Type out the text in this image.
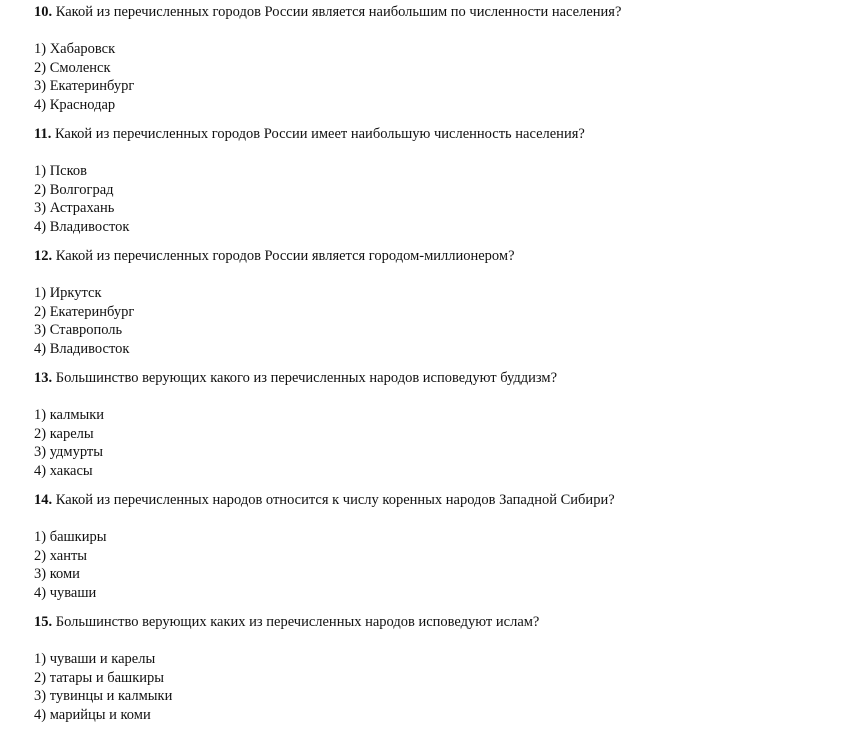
10. Какой из перечисленных городов России является наибольшим по численности населения?
1) Хабаровск
2) Смоленск
3) Екатеринбург
4) Краснодар
11. Какой из перечисленных городов России имеет наибольшую численность населения?
1) Псков
2) Волгоград
3) Астрахань
4) Владивосток
12. Какой из перечисленных городов России является городом-миллионером?
1) Иркутск
2) Екатеринбург
3) Ставрополь
4) Владивосток
13. Большинство верующих какого из перечисленных народов исповедуют буддизм?
1) калмыки
2) карелы
3) удмурты
4) хакасы
14. Какой из перечисленных народов относится к числу коренных народов Западной Сибири?
1) башкиры
2) ханты
3) коми
4) чуваши
15. Большинство верующих каких из перечисленных народов исповедуют ислам?
1) чуваши и карелы
2) татары и башкиры
3) тувинцы и калмыки
4) марийцы и коми
